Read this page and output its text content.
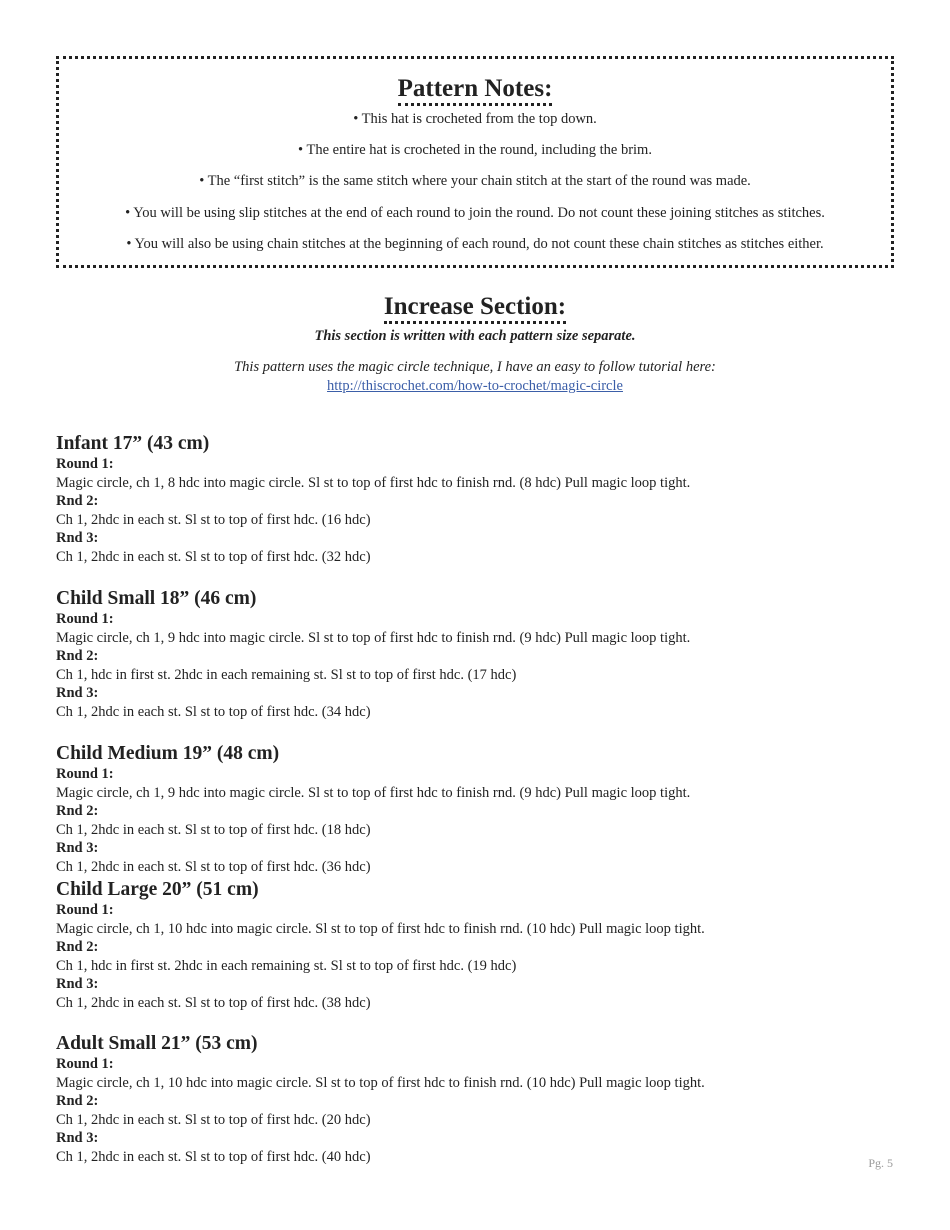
Pattern Notes:
• This hat is crocheted from the top down.
• The entire hat is crocheted in the round, including the brim.
• The “first stitch” is the same stitch where your chain stitch at the start of the round was made.
• You will be using slip stitches at the end of each round to join the round. Do not count these joining stitches as stitches.
• You will also be using chain stitches at the beginning of each round, do not count these chain stitches as stitches either.
Increase Section:
This section is written with each pattern size separate.
This pattern uses the magic circle technique, I have an easy to follow tutorial here:
http://thiscrochet.com/how-to-crochet/magic-circle
Infant 17” (43 cm)
Round 1:
Magic circle, ch 1, 8 hdc into magic circle. Sl st to top of first hdc to finish rnd. (8 hdc) Pull magic loop tight.
Rnd 2:
Ch 1, 2hdc in each st. Sl st to top of first hdc. (16 hdc)
Rnd 3:
Ch 1, 2hdc in each st. Sl st to top of first hdc. (32 hdc)
Child Small 18” (46 cm)
Round 1:
Magic circle, ch 1, 9 hdc into magic circle. Sl st to top of first hdc to finish rnd. (9 hdc) Pull magic loop tight.
Rnd 2:
Ch 1, hdc in first st. 2hdc in each remaining st. Sl st to top of first hdc. (17 hdc)
Rnd 3:
Ch 1, 2hdc in each st. Sl st to top of first hdc. (34 hdc)
Child Medium 19” (48 cm)
Round 1:
Magic circle, ch 1, 9 hdc into magic circle. Sl st to top of first hdc to finish rnd. (9 hdc) Pull magic loop tight.
Rnd 2:
Ch 1, 2hdc in each st. Sl st to top of first hdc. (18 hdc)
Rnd 3:
Ch 1, 2hdc in each st. Sl st to top of first hdc. (36 hdc)
Child Large 20” (51 cm)
Round 1:
Magic circle, ch 1, 10 hdc into magic circle. Sl st to top of first hdc to finish rnd. (10 hdc) Pull magic loop tight.
Rnd 2:
Ch 1, hdc in first st. 2hdc in each remaining st. Sl st to top of first hdc. (19 hdc)
Rnd 3:
Ch 1, 2hdc in each st. Sl st to top of first hdc. (38 hdc)
Adult Small 21” (53 cm)
Round 1:
Magic circle, ch 1, 10 hdc into magic circle. Sl st to top of first hdc to finish rnd. (10 hdc) Pull magic loop tight.
Rnd 2:
Ch 1, 2hdc in each st. Sl st to top of first hdc. (20 hdc)
Rnd 3:
Ch 1, 2hdc in each st. Sl st to top of first hdc. (40 hdc)	Pg. 5
